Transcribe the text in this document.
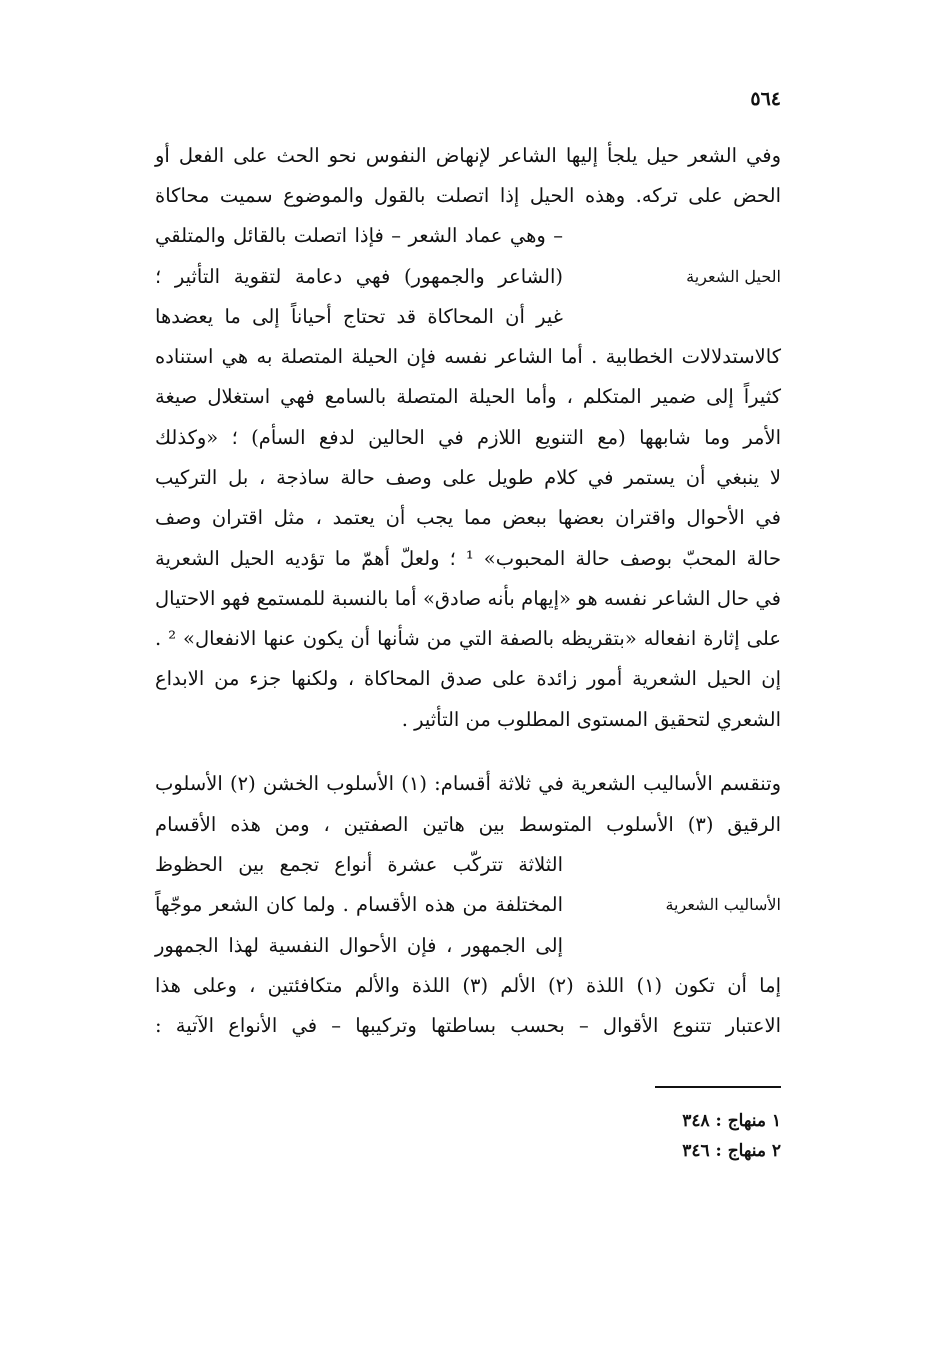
٥٦٤
وفي الشعر حيل يلجأ إليها الشاعر لإنهاض النفوس نحو الحث على الفعل أو
الحض على تركه. وهذه الحيل إذا اتصلت بالقول والموضوع سميت محاكاة
– وهي عماد الشعر – فإذا اتصلت بالقائل والمتلقي
(الشاعر والجمهور) فهي دعامة لتقوية التأثير ؛
غير أن المحاكاة قد تحتاج أحياناً إلى ما يعضدها
كالاستدلالات الخطابية . أما الشاعر نفسه فإن الحيلة المتصلة به هي استناده
كثيراً إلى ضمير المتكلم ، وأما الحيلة المتصلة بالسامع فهي استغلال صيغة
الأمر وما شابهها (مع التنويع اللازم في الحالين لدفع السأم) ؛ «وكذلك
لا ينبغي أن يستمر في كلام طويل على وصف حالة ساذجة ، بل التركيب
في الأحوال واقتران بعضها ببعض مما يجب أن يعتمد ، مثل اقتران وصف
حالة المحبّ بوصف حالة المحبوب» ¹ ؛ ولعلّ أهمّ ما تؤديه الحيل الشعرية
في حال الشاعر نفسه هو «إيهام بأنه صادق» أما بالنسبة للمستمع فهو الاحتيال
على إثارة انفعاله «بتقريظه بالصفة التي من شأنها أن يكون عنها الانفعال» ² .
إن الحيل الشعرية أمور زائدة على صدق المحاكاة ، ولكنها جزء من الابداع
الشعري لتحقيق المستوى المطلوب من التأثير .
وتنقسم الأساليب الشعرية في ثلاثة أقسام: (١) الأسلوب الخشن (٢) الأسلوب
الرقيق (٣) الأسلوب المتوسط بين هاتين الصفتين ، ومن هذه الأقسام
الثلاثة تتركّب عشرة أنواع تجمع بين الحظوظ
المختلفة من هذه الأقسام . ولما كان الشعر موجّهاً
إلى الجمهور ، فإن الأحوال النفسية لهذا الجمهور
إما أن تكون (١) اللذة (٢) الألم (٣) اللذة والألم متكافئتين ، وعلى هذا
الاعتبار تتنوع الأقوال – بحسب بساطتها وتركيبها – في الأنواع الآتية :
الحيل الشعرية
الأساليب الشعرية
١ منهاج : ٣٤٨
٢ منهاج : ٣٤٦
